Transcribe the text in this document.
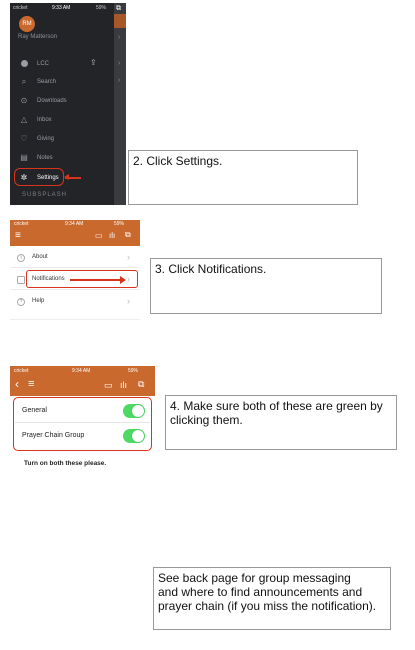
⧉
›
›
›
cricket	9:33 AM	59%
RM
Ray Matterson
LCC	⇪
⌕ Search
⊙ Downloads
△ Inbox
♡ Giving
▤ Notes
✲ Settings
SUBSPLASH
2. Click Settings.
cricket	9:34 AM	59%
≡	▭ ılı ⧉
i	About	›
Notifications	›
?	Help	›
3. Click Notifications.
cricket	9:34 AM	59%
‹ ≡	▭ ılı ⧉
General
Prayer Chain Group
Turn on both these please.
4. Make sure both of these are green by clicking them.
See back page for group messaging
and where to find announcements and
prayer chain (if you miss the notification).
